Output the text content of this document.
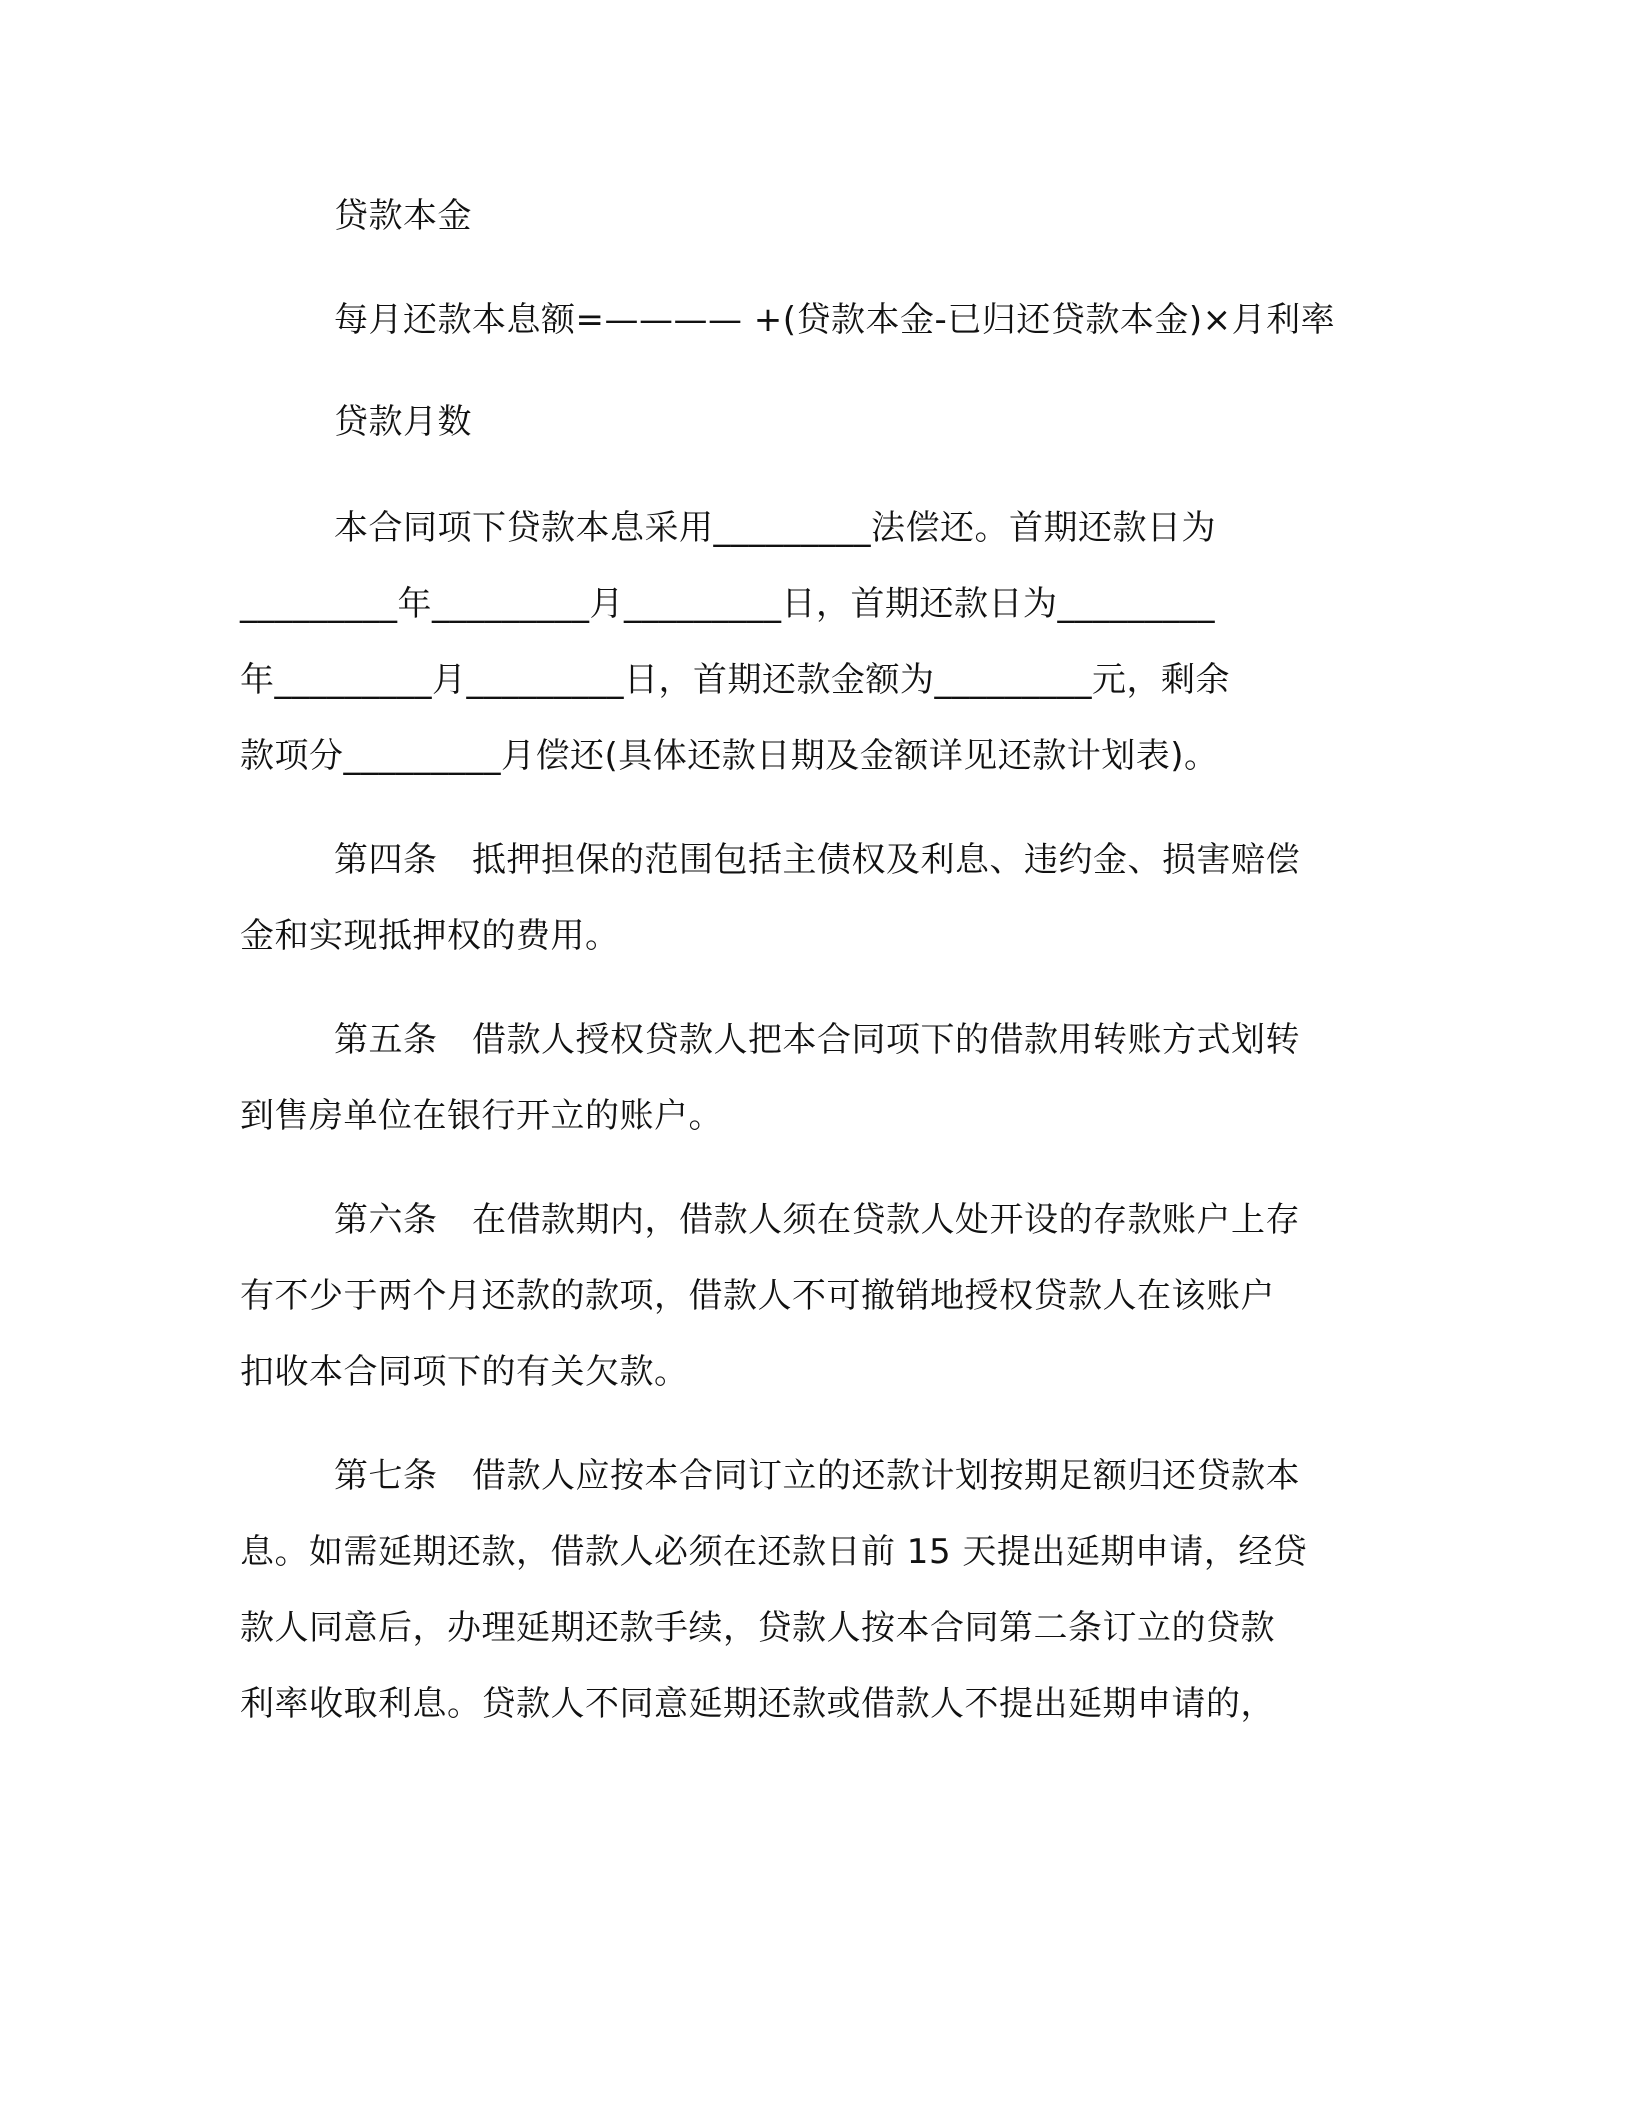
贷款本金
每月还款本息额=———— +(贷款本金-已归还贷款本金)×月利率
贷款月数
本合同项下贷款本息采用_________法偿还。首期还款日为
_________年_________月_________日，首期还款日为_________
年_________月_________日，首期还款金额为_________元，剩余
款项分_________月偿还(具体还款日期及金额详见还款计划表)。
第四条　抵押担保的范围包括主债权及利息、违约金、损害赔偿
金和实现抵押权的费用。
第五条　借款人授权贷款人把本合同项下的借款用转账方式划转
到售房单位在银行开立的账户。
第六条　在借款期内，借款人须在贷款人处开设的存款账户上存
有不少于两个月还款的款项，借款人不可撤销地授权贷款人在该账户
扣收本合同项下的有关欠款。
第七条　借款人应按本合同订立的还款计划按期足额归还贷款本
息。如需延期还款，借款人必须在还款日前 15 天提出延期申请，经贷
款人同意后，办理延期还款手续，贷款人按本合同第二条订立的贷款
利率收取利息。贷款人不同意延期还款或借款人不提出延期申请的，
